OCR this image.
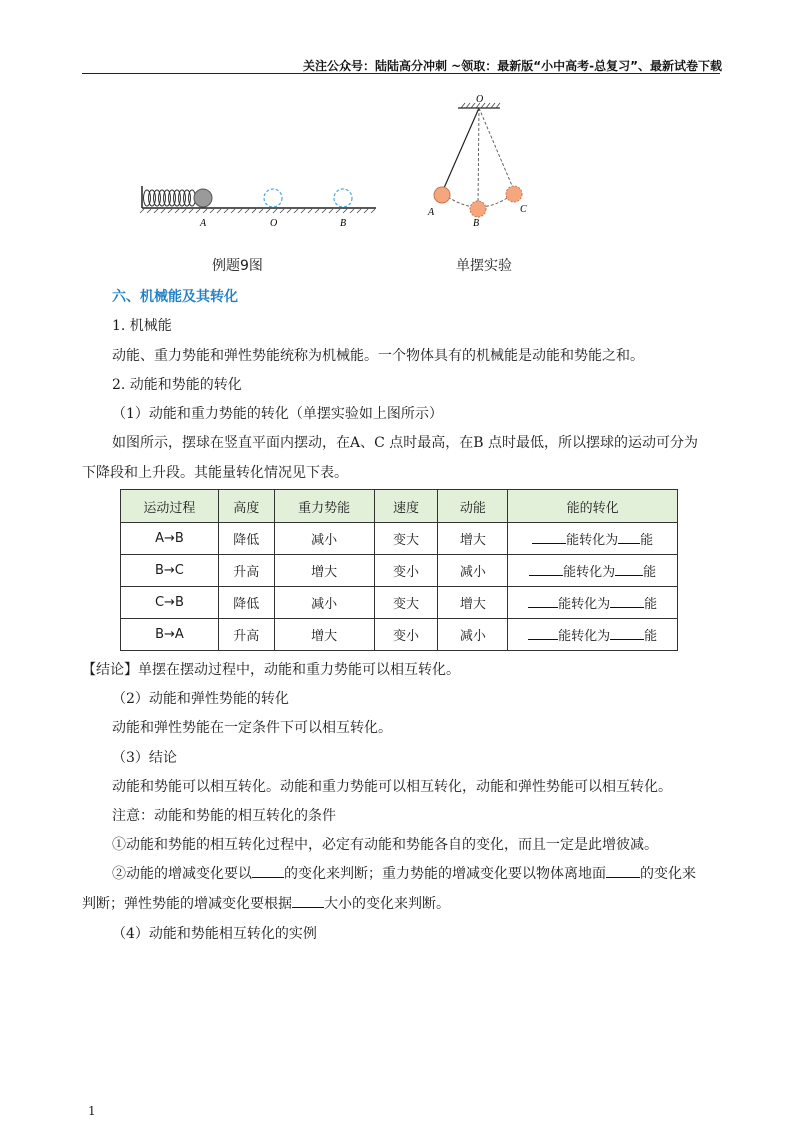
关注公众号：陆陆高分冲刺 ~领取：最新版“小中高考-总复习”、最新试卷下载
A	O	B
例题9图
O
A
B
C
单摆实验
六、机械能及其转化
1. 机械能
动能、重力势能和弹性势能统称为机械能。一个物体具有的机械能是动能和势能之和。
2. 动能和势能的转化
（1）动能和重力势能的转化（单摆实验如上图所示）
如图所示，摆球在竖直平面内摆动，在A、C 点时最高，在B 点时最低，所以摆球的运动可分为
下降段和上升段。其能量转化情况见下表。
运动过程	高度	重力势能	速度	动能	能的转化
A→B	降低	减小	变大	增大	能转化为 能
B→C	升高	增大	变小	减小	能转化为 能
C→B	降低	减小	变大	增大	能转化为 能
B→A	升高	增大	变小	减小	能转化为 能
【结论】单摆在摆动过程中，动能和重力势能可以相互转化。
（2）动能和弹性势能的转化
动能和弹性势能在一定条件下可以相互转化。
（3）结论
动能和势能可以相互转化。动能和重力势能可以相互转化，动能和弹性势能可以相互转化。
注意：动能和势能的相互转化的条件
①动能和势能的相互转化过程中，必定有动能和势能各自的变化，而且一定是此增彼减。
②动能的增减变化要以 的变化来判断；重力势能的增减变化要以物体离地面 的变化来
判断；弹性势能的增减变化要根据 大小的变化来判断。
（4）动能和势能相互转化的实例
1
